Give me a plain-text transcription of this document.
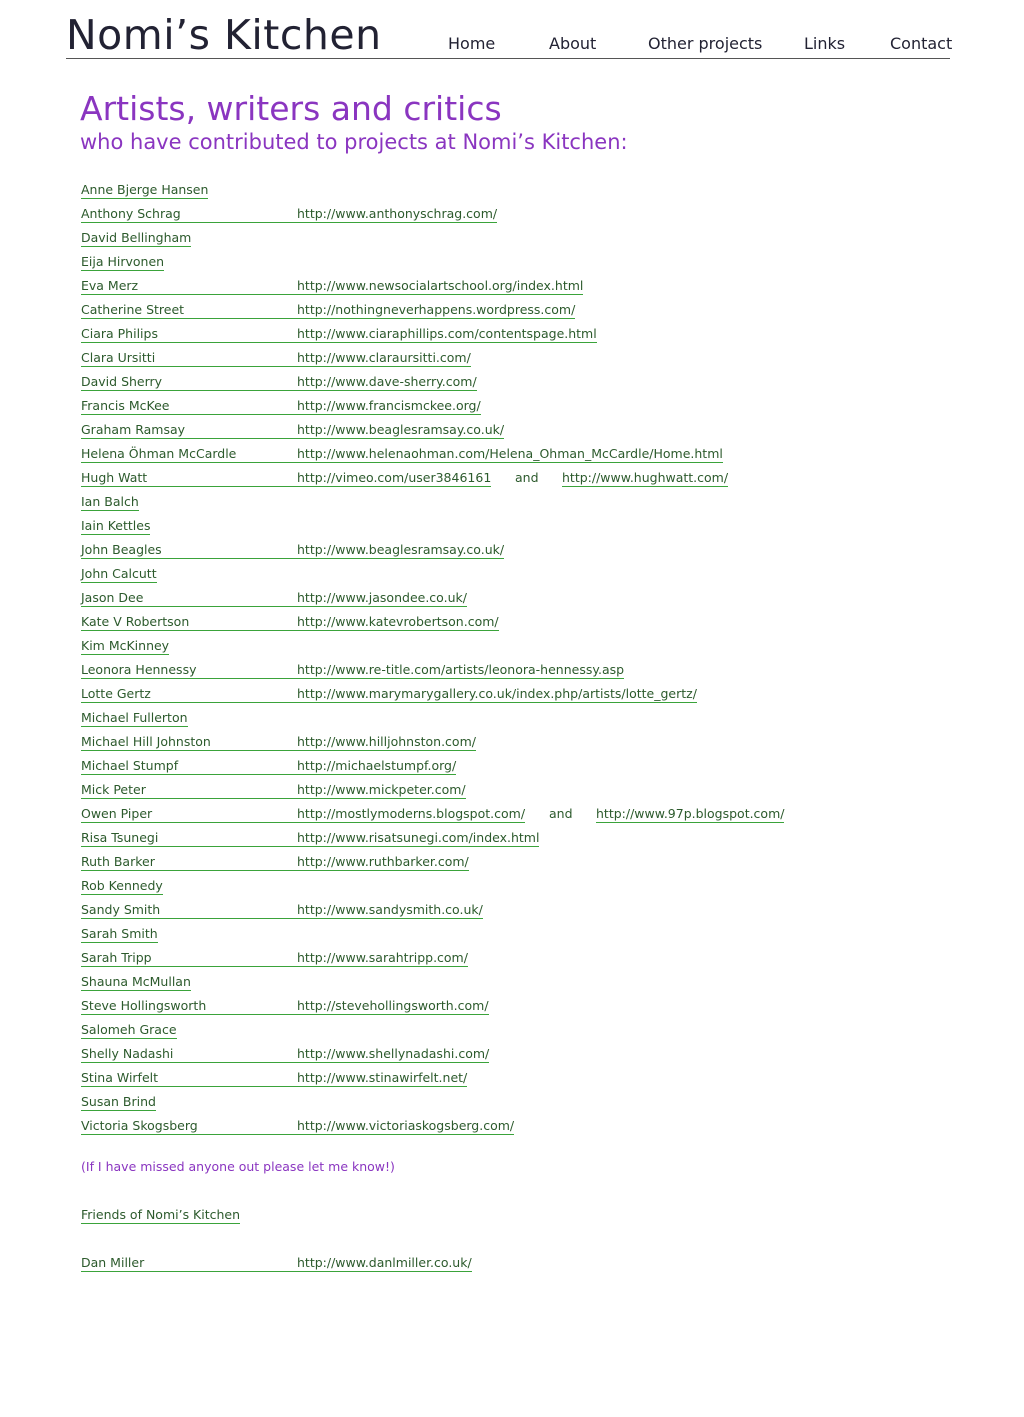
Nomi’s Kitchen	Home	About	Other projects	Links	Contact
Artists, writers and critics
who have contributed to projects at Nomi’s Kitchen:
Anne Bjerge Hansen
Anthony Schrag	http://www.anthonyschrag.com/
David Bellingham
Eija Hirvonen
Eva Merz	http://www.newsocialartschool.org/index.html
Catherine Street	http://nothingneverhappens.wordpress.com/
Ciara Philips	http://www.ciaraphillips.com/contentspage.html
Clara Ursitti	http://www.claraursitti.com/
David Sherry	http://www.dave-sherry.com/
Francis McKee	http://www.francismckee.org/
Graham Ramsay	http://www.beaglesramsay.co.uk/
Helena Öhman McCardle	http://www.helenaohman.com/Helena_Ohman_McCardle/Home.html
Hugh Watt	http://vimeo.com/user3846161 and http://www.hughwatt.com/
Ian Balch
Iain Kettles
John Beagles	http://www.beaglesramsay.co.uk/
John Calcutt
Jason Dee	http://www.jasondee.co.uk/
Kate V Robertson	http://www.katevrobertson.com/
Kim McKinney
Leonora Hennessy	http://www.re-title.com/artists/leonora-hennessy.asp
Lotte Gertz	http://www.marymarygallery.co.uk/index.php/artists/lotte_gertz/
Michael Fullerton
Michael Hill Johnston	http://www.hilljohnston.com/
Michael Stumpf	http://michaelstumpf.org/
Mick Peter	http://www.mickpeter.com/
Owen Piper	http://mostlymoderns.blogspot.com/ and http://www.97p.blogspot.com/
Risa Tsunegi	http://www.risatsunegi.com/index.html
Ruth Barker	http://www.ruthbarker.com/
Rob Kennedy
Sandy Smith	http://www.sandysmith.co.uk/
Sarah Smith
Sarah Tripp	http://www.sarahtripp.com/
Shauna McMullan
Steve Hollingsworth	http://stevehollingsworth.com/
Salomeh Grace
Shelly Nadashi	http://www.shellynadashi.com/
Stina Wirfelt	http://www.stinawirfelt.net/
Susan Brind
Victoria Skogsberg	http://www.victoriaskogsberg.com/
(If I have missed anyone out please let me know!)
Friends of Nomi’s Kitchen
Dan Miller	http://www.danlmiller.co.uk/
